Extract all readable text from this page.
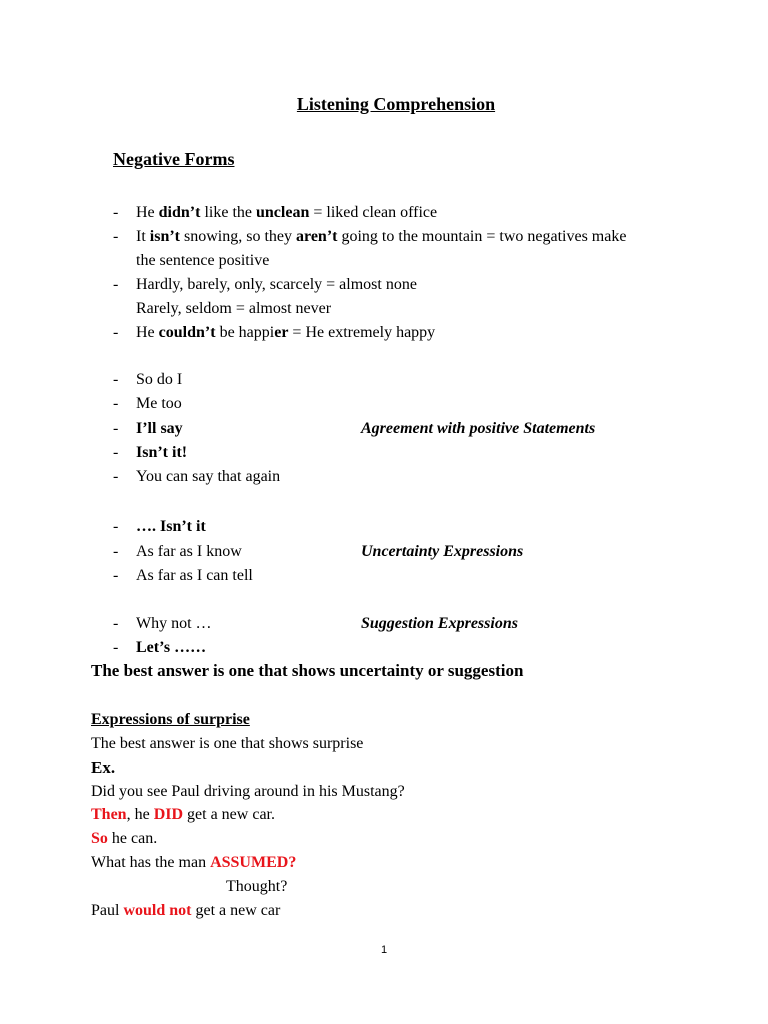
Listening Comprehension
Negative Forms
- He didn’t like the unclean = liked clean office
- It isn’t snowing, so they aren’t going to the mountain = two negatives make
the sentence positive
- Hardly, barely, only, scarcely = almost none
Rarely, seldom = almost never
- He couldn’t be happier = He extremely happy
- So do I
- Me too
- I’ll say
- Isn’t it!
- You can say that again
Agreement with positive Statements
- …. Isn’t it
- As far as I know
- As far as I can tell
Uncertainty Expressions
- Why not …
- Let’s ……
Suggestion Expressions
The best answer is one that shows uncertainty or suggestion
Expressions of surprise
The best answer is one that shows surprise
Ex.
Did you see Paul driving around in his Mustang?
Then, he DID get a new car.
So he can.
What has the man ASSUMED?
Thought?
Paul would not get a new car
1
